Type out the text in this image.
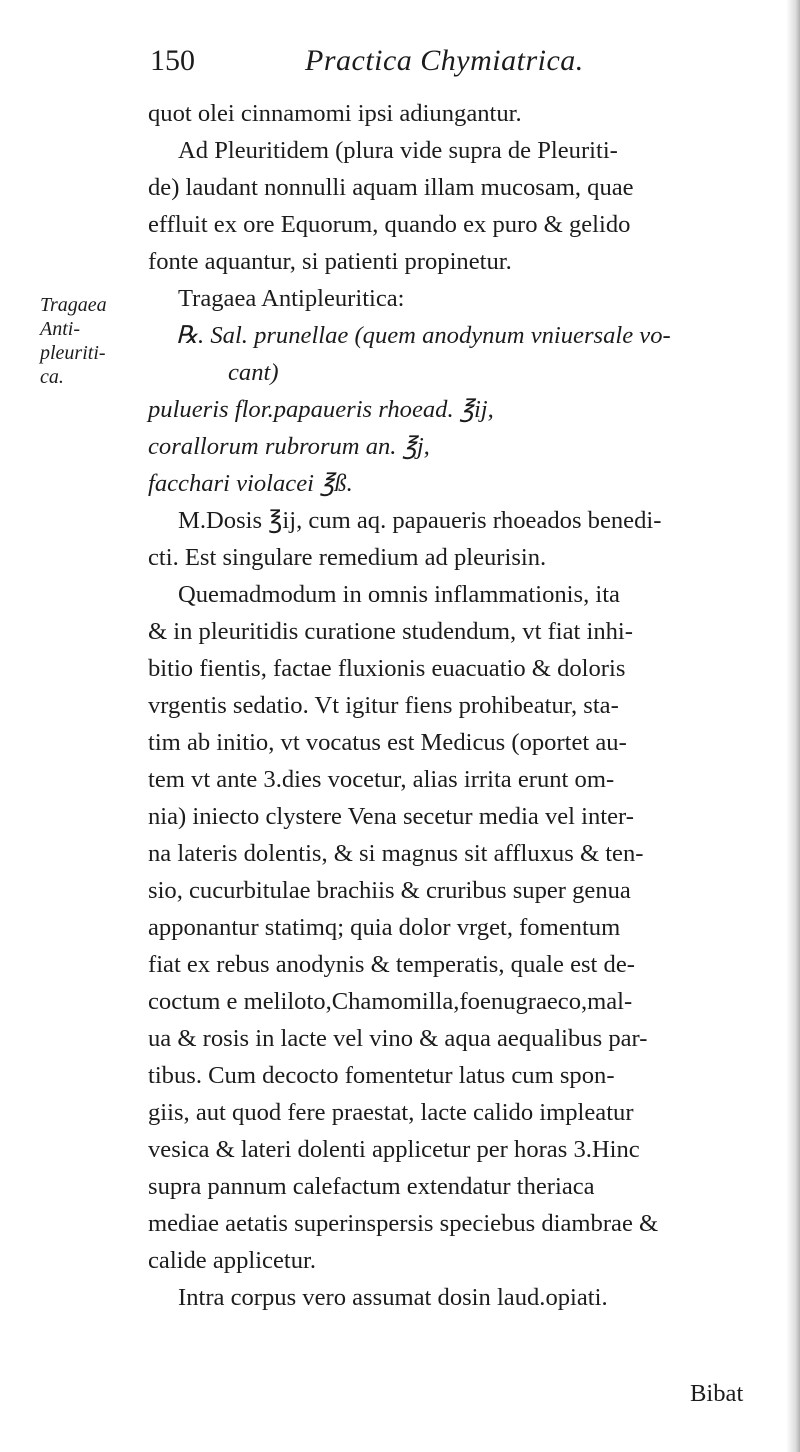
150	Practica Chymiatrica.
Tragaea
Anti-
pleuriti-
ca.
quot olei cinnamomi ipsi adiungantur.
Ad Pleuritidem (plura vide supra de Pleuriti-
de) laudant nonnulli aquam illam mucosam, quae
effluit ex ore Equorum, quando ex puro & gelido
fonte aquantur, si patienti propinetur.
Tragaea Antipleuritica:
℞. Sal. prunellae (quem anodynum vniuersale vo-
cant)
pulueris flor.papaueris rhoead. ℥ij,
corallorum rubrorum an. ℥j,
facchari violacei ℥ß.
M.Dosis ℥ij, cum aq. papaueris rhoeados benedi-
cti. Est singulare remedium ad pleurisin.
Quemadmodum in omnis inflammationis, ita
& in pleuritidis curatione studendum, vt fiat inhi-
bitio fientis, factae fluxionis euacuatio & doloris
vrgentis sedatio. Vt igitur fiens prohibeatur, sta-
tim ab initio, vt vocatus est Medicus (oportet au-
tem vt ante 3.dies vocetur, alias irrita erunt om-
nia) iniecto clystere Vena secetur media vel inter-
na lateris dolentis, & si magnus sit affluxus & ten-
sio, cucurbitulae brachiis & cruribus super genua
apponantur statimq; quia dolor vrget, fomentum
fiat ex rebus anodynis & temperatis, quale est de-
coctum e meliloto,Chamomilla,foenugraeco,mal-
ua & rosis in lacte vel vino & aqua aequalibus par-
tibus. Cum decocto fomentetur latus cum spon-
giis, aut quod fere praestat, lacte calido impleatur
vesica & lateri dolenti applicetur per horas 3.Hinc
supra pannum calefactum extendatur theriaca
mediae aetatis superinspersis speciebus diambrae &
calide applicetur.
Intra corpus vero assumat dosin laud.opiati.
Bibat
